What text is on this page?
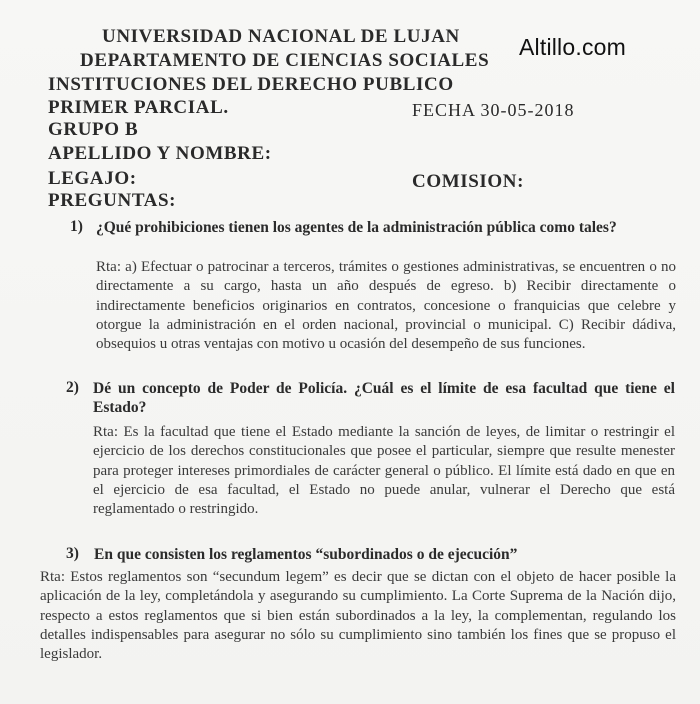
Altillo.com
UNIVERSIDAD NACIONAL DE LUJAN
DEPARTAMENTO DE CIENCIAS SOCIALES
INSTITUCIONES DEL DERECHO PUBLICO
PRIMER PARCIAL.	FECHA 30-05-2018
GRUPO B
APELLIDO Y NOMBRE:
LEGAJO:	COMISION:
PREGUNTAS:
1) ¿Qué prohibiciones tienen los agentes de la administración pública como tales?
Rta: a) Efectuar o patrocinar a terceros, trámites o gestiones administrativas, se encuentren o no directamente a su cargo, hasta un año después de egreso. b) Recibir directamente o indirectamente beneficios originarios en contratos, concesione o franquicias que celebre y otorgue la administración en el orden nacional, provincial o municipal. C) Recibir dádiva, obsequios u otras ventajas con motivo u ocasión del desempeño de sus funciones.
2) Dé un concepto de Poder de Policía. ¿Cuál es el límite de esa facultad que tiene el Estado?
Rta: Es la facultad que tiene el Estado mediante la sanción de leyes, de limitar o restringir el ejercicio de los derechos constitucionales que posee el particular, siempre que resulte menester para proteger intereses primordiales de carácter general o público. El límite está dado en que en el ejercicio de esa facultad, el Estado no puede anular, vulnerar el Derecho que está reglamentado o restringido.
3) En que consisten los reglamentos “subordinados o de ejecución”
Rta: Estos reglamentos son “secundum legem” es decir que se dictan con el objeto de hacer posible la aplicación de la ley, completándola y asegurando su cumplimiento. La Corte Suprema de la Nación dijo, respecto a estos reglamentos que si bien están subordinados a la ley, la complementan, regulando los detalles indispensables para asegurar no sólo su cumplimiento sino también los fines que se propuso el legislador.
